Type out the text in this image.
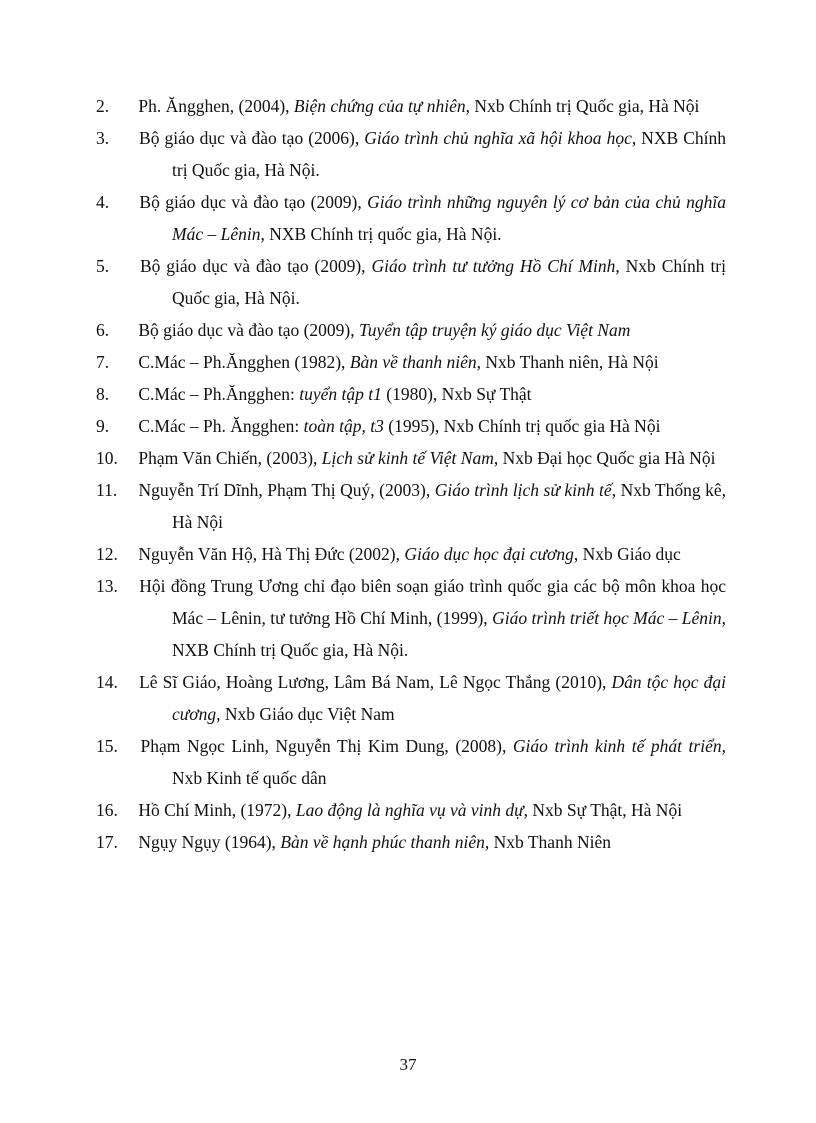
2. Ph. Ăngghen, (2004), Biện chứng của tự nhiên, Nxb Chính trị Quốc gia, Hà Nội
3. Bộ giáo dục và đào tạo (2006), Giáo trình chủ nghĩa xã hội khoa học, NXB Chính trị Quốc gia, Hà Nội.
4. Bộ giáo dục và đào tạo (2009), Giáo trình những nguyên lý cơ bản của chủ nghĩa Mác – Lênin, NXB Chính trị quốc gia, Hà Nội.
5. Bộ giáo dục và đào tạo (2009), Giáo trình tư tưởng Hồ Chí Minh, Nxb Chính trị Quốc gia, Hà Nội.
6. Bộ giáo dục và đào tạo (2009), Tuyển tập truyện ký giáo dục Việt Nam
7. C.Mác – Ph.Ăngghen (1982), Bàn về thanh niên, Nxb Thanh niên, Hà Nội
8. C.Mác – Ph.Ăngghen: tuyển tập t1 (1980), Nxb Sự Thật
9. C.Mác – Ph. Ăngghen: toàn tập, t3 (1995), Nxb Chính trị quốc gia Hà Nội
10. Phạm Văn Chiến, (2003), Lịch sử kinh tế Việt Nam, Nxb Đại học Quốc gia Hà Nội
11. Nguyễn Trí Dĩnh, Phạm Thị Quý, (2003), Giáo trình lịch sử kinh tế, Nxb Thống kê, Hà Nội
12. Nguyễn Văn Hộ, Hà Thị Đức (2002), Giáo dục học đại cương, Nxb Giáo dục
13. Hội đồng Trung Ương chỉ đạo biên soạn giáo trình quốc gia các bộ môn khoa học Mác – Lênin, tư tưởng Hồ Chí Minh, (1999), Giáo trình triết học Mác – Lênin, NXB Chính trị Quốc gia, Hà Nội.
14. Lê Sĩ Giáo, Hoàng Lương, Lâm Bá Nam, Lê Ngọc Thắng (2010), Dân tộc học đại cương, Nxb Giáo dục Việt Nam
15. Phạm Ngọc Linh, Nguyễn Thị Kim Dung, (2008), Giáo trình kinh tế phát triển, Nxb Kinh tế quốc dân
16. Hồ Chí Minh, (1972), Lao động là nghĩa vụ và vinh dự, Nxb Sự Thật, Hà Nội
17. Ngụy Ngụy (1964), Bàn về hạnh phúc thanh niên, Nxb Thanh Niên
37
